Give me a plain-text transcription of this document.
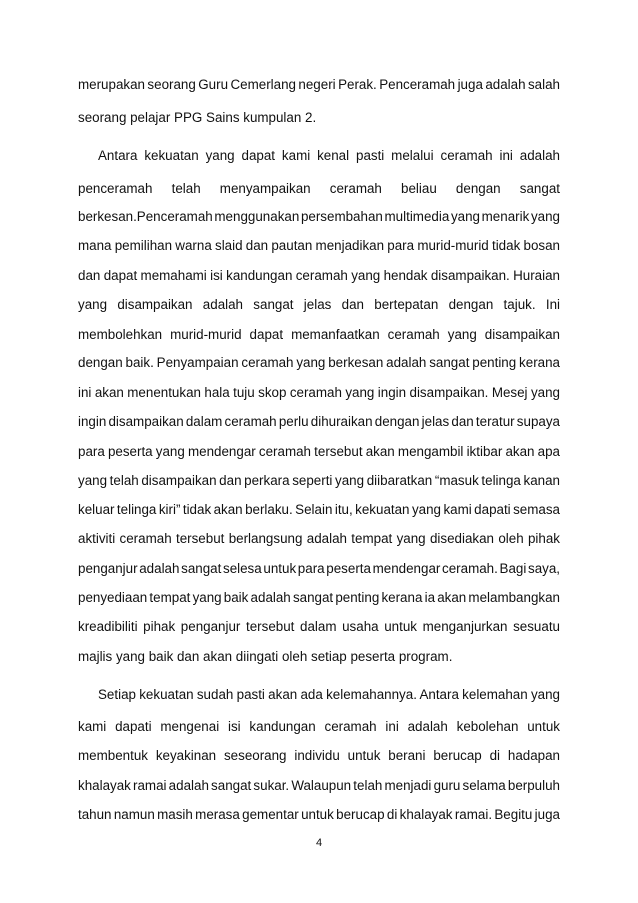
merupakan seorang Guru Cemerlang negeri Perak. Penceramah juga adalah salah
seorang pelajar PPG Sains kumpulan 2.
Antara kekuatan yang dapat kami kenal pasti melalui ceramah ini adalah
penceramah telah menyampaikan ceramah beliau dengan sangat
berkesan.Penceramah menggunakan persembahan multimedia yang menarik yang
mana pemilihan warna slaid dan pautan menjadikan para murid-murid tidak bosan
dan dapat memahami isi kandungan ceramah yang hendak disampaikan. Huraian
yang disampaikan adalah sangat jelas dan bertepatan dengan tajuk. Ini
membolehkan murid-murid dapat memanfaatkan ceramah yang disampaikan
dengan baik. Penyampaian ceramah yang berkesan adalah sangat penting kerana
ini akan menentukan hala tuju skop ceramah yang ingin disampaikan. Mesej yang
ingin disampaikan dalam ceramah perlu dihuraikan dengan jelas dan teratur supaya
para peserta yang mendengar ceramah tersebut akan mengambil iktibar akan apa
yang telah disampaikan dan perkara seperti yang diibaratkan “masuk telinga kanan
keluar telinga kiri” tidak akan berlaku. Selain itu, kekuatan yang kami dapati semasa
aktiviti ceramah tersebut berlangsung adalah tempat yang disediakan oleh pihak
penganjur adalah sangat selesa untuk para peserta mendengar ceramah. Bagi saya,
penyediaan tempat yang baik adalah sangat penting kerana ia akan melambangkan
kreadibiliti pihak penganjur tersebut dalam usaha untuk menganjurkan sesuatu
majlis yang baik dan akan diingati oleh setiap peserta program.
Setiap kekuatan sudah pasti akan ada kelemahannya. Antara kelemahan yang
kami dapati mengenai isi kandungan ceramah ini adalah kebolehan untuk
membentuk keyakinan seseorang individu untuk berani berucap di hadapan
khalayak ramai adalah sangat sukar. Walaupun telah menjadi guru selama berpuluh
tahun namun masih merasa gementar untuk berucap di khalayak ramai. Begitu juga
4
